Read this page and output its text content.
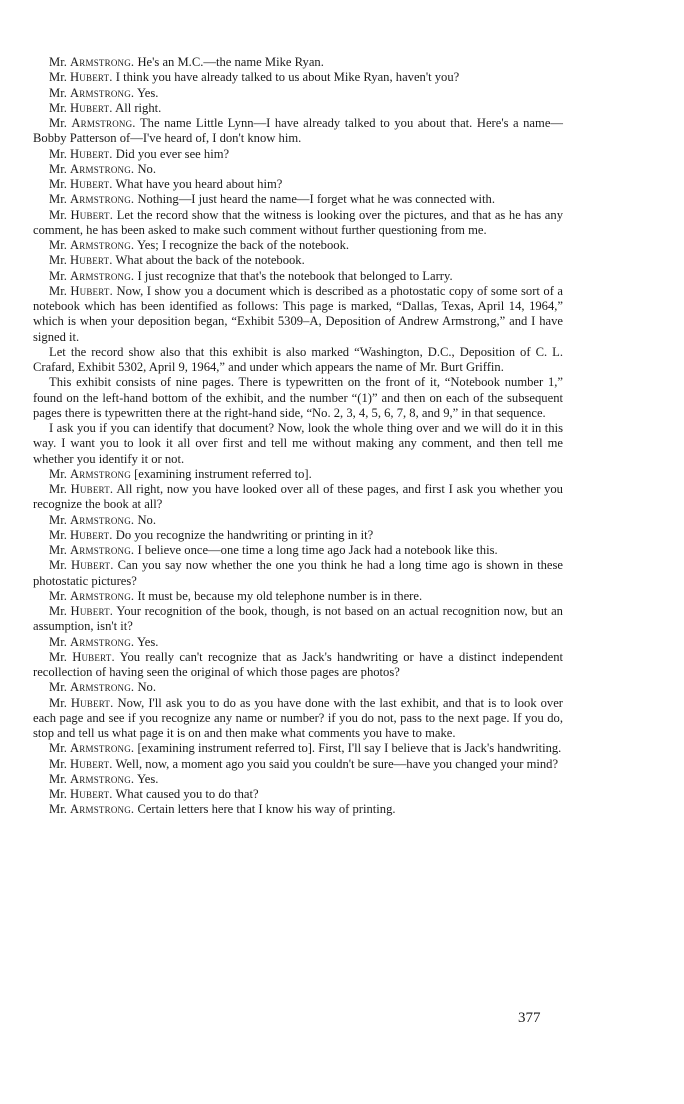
Mr. Armstrong. He's an M.C.—the name Mike Ryan.

Mr. Hubert. I think you have already talked to us about Mike Ryan, haven't you?

Mr. Armstrong. Yes.

Mr. Hubert. All right.

Mr. Armstrong. The name Little Lynn—I have already talked to you about that. Here's a name—Bobby Patterson of—I've heard of, I don't know him.

Mr. Hubert. Did you ever see him?

Mr. Armstrong. No.

Mr. Hubert. What have you heard about him?

Mr. Armstrong. Nothing—I just heard the name—I forget what he was connected with.

Mr. Hubert. Let the record show that the witness is looking over the pictures, and that as he has any comment, he has been asked to make such comment without further questioning from me.

Mr. Armstrong. Yes; I recognize the back of the notebook.

Mr. Hubert. What about the back of the notebook.

Mr. Armstrong. I just recognize that that's the notebook that belonged to Larry.

Mr. Hubert. Now, I show you a document which is described as a photostatic copy of some sort of a notebook which has been identified as follows: This page is marked, “Dallas, Texas, April 14, 1964,” which is when your deposition began, “Exhibit 5309–A, Deposition of Andrew Armstrong,” and I have signed it.

Let the record show also that this exhibit is also marked “Washington, D.C., Deposition of C. L. Crafard, Exhibit 5302, April 9, 1964,” and under which appears the name of Mr. Burt Griffin.

This exhibit consists of nine pages. There is typewritten on the front of it, “Notebook number 1,” found on the left-hand bottom of the exhibit, and the number “(1)” and then on each of the subsequent pages there is typewritten there at the right-hand side, “No. 2, 3, 4, 5, 6, 7, 8, and 9,” in that sequence.

I ask you if you can identify that document? Now, look the whole thing over and we will do it in this way. I want you to look it all over first and tell me without making any comment, and then tell me whether you identify it or not.

Mr. Armstrong [examining instrument referred to].

Mr. Hubert. All right, now you have looked over all of these pages, and first I ask you whether you recognize the book at all?

Mr. Armstrong. No.

Mr. Hubert. Do you recognize the handwriting or printing in it?

Mr. Armstrong. I believe once—one time a long time ago Jack had a notebook like this.

Mr. Hubert. Can you say now whether the one you think he had a long time ago is shown in these photostatic pictures?

Mr. Armstrong. It must be, because my old telephone number is in there.

Mr. Hubert. Your recognition of the book, though, is not based on an actual recognition now, but an assumption, isn't it?

Mr. Armstrong. Yes.

Mr. Hubert. You really can't recognize that as Jack's handwriting or have a distinct independent recollection of having seen the original of which those pages are photos?

Mr. Armstrong. No.

Mr. Hubert. Now, I'll ask you to do as you have done with the last exhibit, and that is to look over each page and see if you recognize any name or number? if you do not, pass to the next page. If you do, stop and tell us what page it is on and then make what comments you have to make.

Mr. Armstrong. [examining instrument referred to]. First, I'll say I believe that is Jack's handwriting.

Mr. Hubert. Well, now, a moment ago you said you couldn't be sure—have you changed your mind?

Mr. Armstrong. Yes.

Mr. Hubert. What caused you to do that?

Mr. Armstrong. Certain letters here that I know his way of printing.

377
